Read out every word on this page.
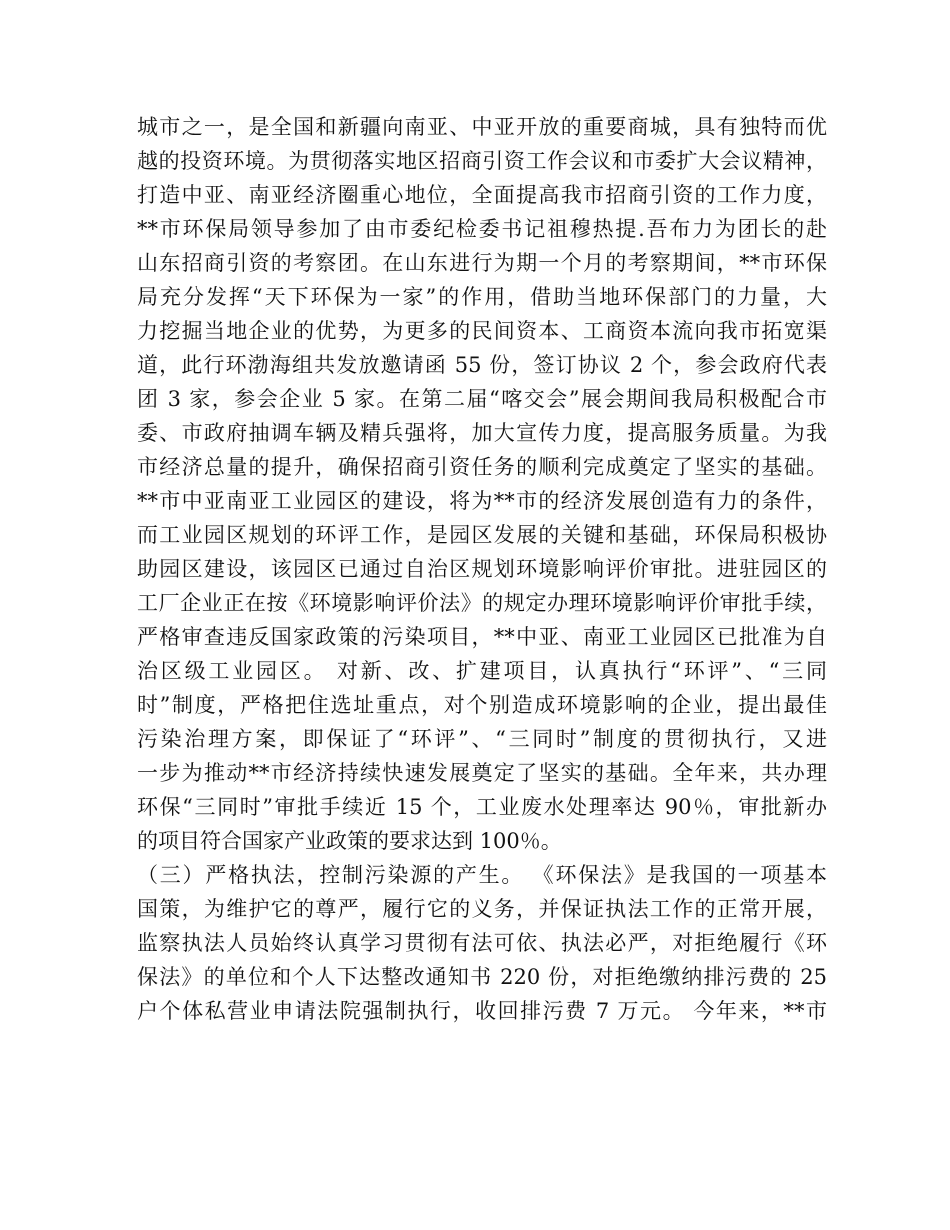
城市之一，是全国和新疆向南亚、中亚开放的重要商城，具有独特而优
越的投资环境。为贯彻落实地区招商引资工作会议和市委扩大会议精神，
打造中亚、南亚经济圈重心地位，全面提高我市招商引资的工作力度，
**市环保局领导参加了由市委纪检委书记祖穆热提.吾布力为团长的赴
山东招商引资的考察团。在山东进行为期一个月的考察期间，**市环保
局充分发挥“天下环保为一家”的作用，借助当地环保部门的力量，大
力挖掘当地企业的优势，为更多的民间资本、工商资本流向我市拓宽渠
道，此行环渤海组共发放邀请函 55 份，签订协议 2 个，参会政府代表
团 3 家，参会企业 5 家。在第二届“喀交会”展会期间我局积极配合市
委、市政府抽调车辆及精兵强将，加大宣传力度，提高服务质量。为我
市经济总量的提升，确保招商引资任务的顺利完成奠定了坚实的基础。
**市中亚南亚工业园区的建设，将为**市的经济发展创造有力的条件，
而工业园区规划的环评工作，是园区发展的关键和基础，环保局积极协
助园区建设，该园区已通过自治区规划环境影响评价审批。进驻园区的
工厂企业正在按《环境影响评价法》的规定办理环境影响评价审批手续，
严格审查违反国家政策的污染项目，**中亚、南亚工业园区已批准为自
治区级工业园区。 对新、改、扩建项目，认真执行“环评”、“三同
时”制度，严格把住选址重点，对个别造成环境影响的企业，提出最佳
污染治理方案，即保证了“环评”、“三同时”制度的贯彻执行，又进
一步为推动**市经济持续快速发展奠定了坚实的基础。全年来，共办理
环保“三同时”审批手续近 15 个，工业废水处理率达 90％，审批新办
的项目符合国家产业政策的要求达到 100％。
（三）严格执法，控制污染源的产生。 《环保法》是我国的一项基本
国策，为维护它的尊严，履行它的义务，并保证执法工作的正常开展，
监察执法人员始终认真学习贯彻有法可依、执法必严，对拒绝履行《环
保法》的单位和个人下达整改通知书 220 份，对拒绝缴纳排污费的 25
户个体私营业申请法院强制执行，收回排污费 7 万元。 今年来，**市
